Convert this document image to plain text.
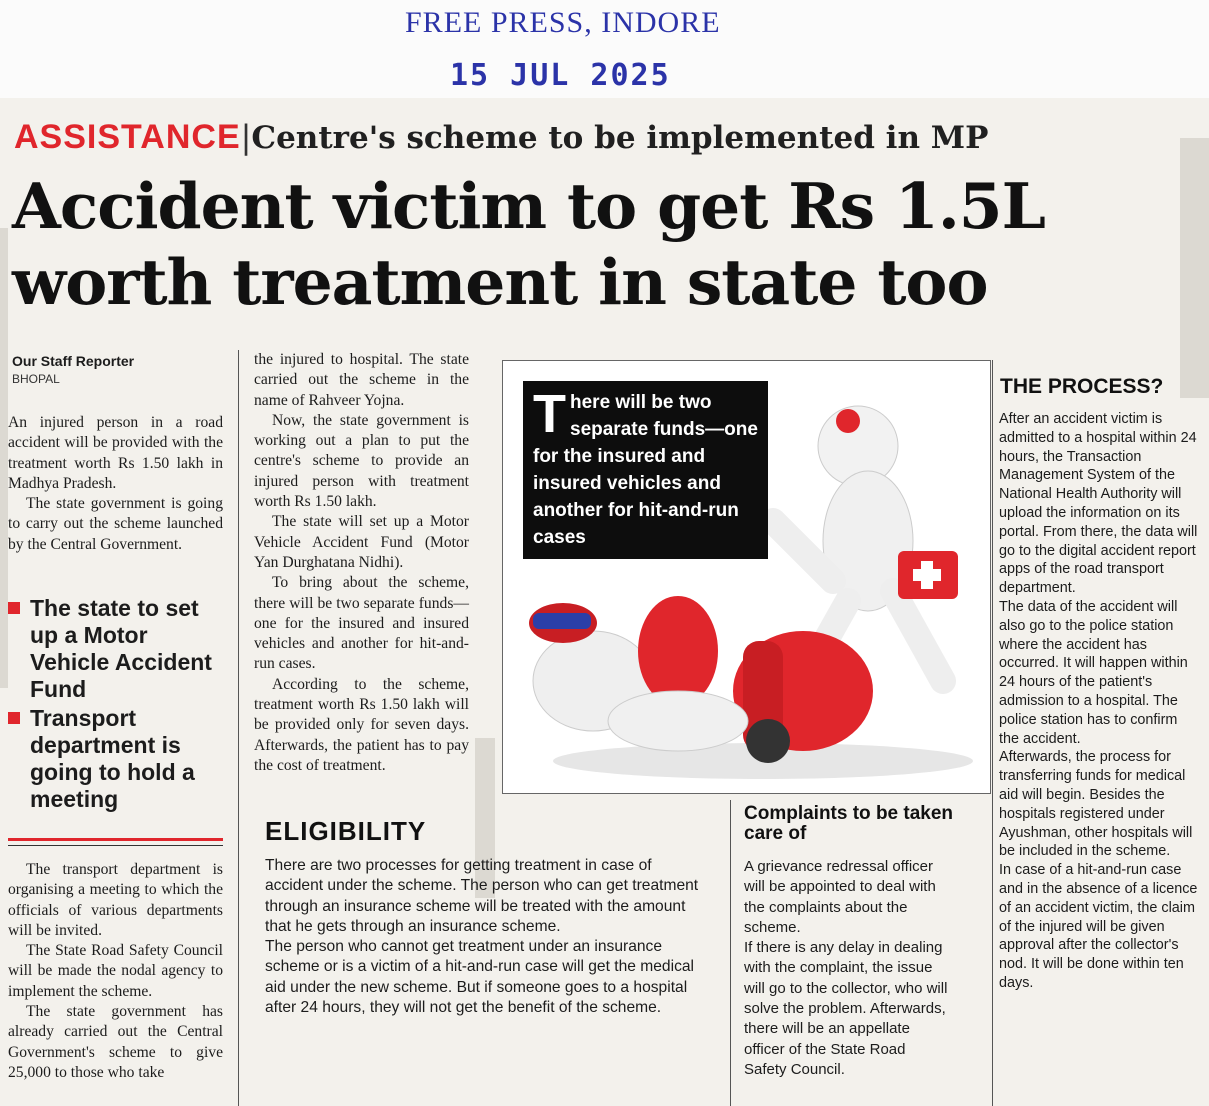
FREE PRESS, INDORE
15 JUL 2025
ASSISTANCE|Centre's scheme to be implemented in MP
Accident victim to get Rs 1.5L
worth treatment in state too
Our Staff Reporter
BHOPAL

An injured person in a road accident will be provided with the treatment worth Rs 1.50 lakh in Madhya Pradesh.

The state government is going to carry out the scheme launched by the Central Government.

The state to set up a Motor Vehicle Accident Fund
Transport department is going to hold a meeting

The transport department is organising a meeting to which the officials of various departments will be invited.

The State Road Safety Council will be made the nodal agency to implement the scheme.

The state government has already carried out the Central Government's scheme to give 25,000 to those who take

the injured to hospital. The state carried out the scheme in the name of Rahveer Yojna.

Now, the state government is working out a plan to put the centre's scheme to provide an injured person with treatment worth Rs 1.50 lakh.

The state will set up a Motor Vehicle Accident Fund (Motor Yan Durghatana Nidhi).

To bring about the scheme, there will be two separate funds—one for the insured and insured vehicles and another for hit-and-run cases.

According to the scheme, treatment worth Rs 1.50 lakh will be provided only for seven days. Afterwards, the patient has to pay the cost of treatment.

There will be two separate funds—one for the insured and insured vehicles and another for hit-and-run cases
ELIGIBILITY

There are two processes for getting treatment in case of accident under the scheme. The person who can get treatment through an insurance scheme will be treated with the amount that he gets through an insurance scheme.

The person who cannot get treatment under an insurance scheme or is a victim of a hit-and-run case will get the medical aid under the new scheme. But if someone goes to a hospital after 24 hours, they will not get the benefit of the scheme.

Complaints to be taken care of

A grievance redressal officer will be appointed to deal with the complaints about the scheme.

If there is any delay in dealing with the complaint, the issue will go to the collector, who will solve the problem. Afterwards, there will be an appellate officer of the State Road Safety Council.

THE PROCESS?

After an accident victim is admitted to a hospital within 24 hours, the Transaction Management System of the National Health Authority will upload the information on its portal. From there, the data will go to the digital accident report apps of the road transport department.

The data of the accident will also go to the police station where the accident has occurred. It will happen within 24 hours of the patient's admission to a hospital. The police station has to confirm the accident.

Afterwards, the process for transferring funds for medical aid will begin. Besides the hospitals registered under Ayushman, other hospitals will be included in the scheme.

In case of a hit-and-run case and in the absence of a licence of an accident victim, the claim of the injured will be given approval after the collector's nod. It will be done within ten days.
